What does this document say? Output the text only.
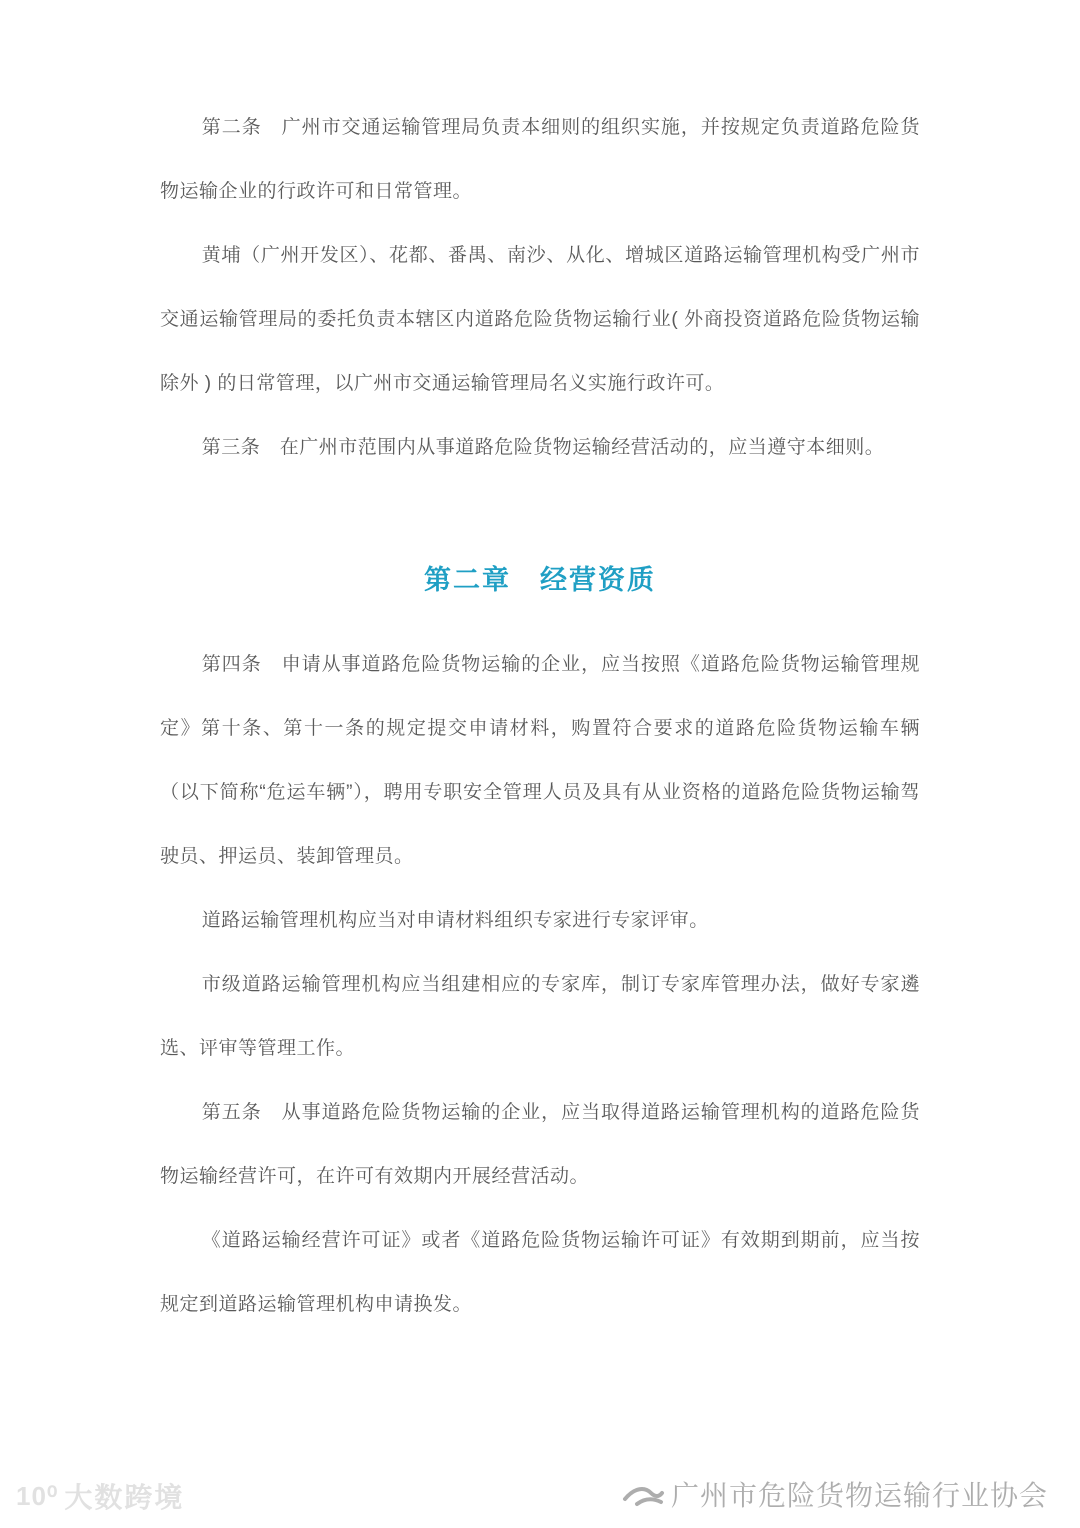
第二条　广州市交通运输管理局负责本细则的组织实施，并按规定负责道路危险货物运输企业的行政许可和日常管理。

黄埔（广州开发区）、花都、番禺、南沙、从化、增城区道路运输管理机构受广州市交通运输管理局的委托负责本辖区内道路危险货物运输行业( 外商投资道路危险货物运输除外 ) 的日常管理，以广州市交通运输管理局名义实施行政许可。

第三条　在广州市范围内从事道路危险货物运输经营活动的，应当遵守本细则。

第二章　经营资质

第四条　申请从事道路危险货物运输的企业，应当按照《道路危险货物运输管理规定》第十条、第十一条的规定提交申请材料，购置符合要求的道路危险货物运输车辆（以下简称“危运车辆”），聘用专职安全管理人员及具有从业资格的道路危险货物运输驾驶员、押运员、装卸管理员。

道路运输管理机构应当对申请材料组织专家进行专家评审。

市级道路运输管理机构应当组建相应的专家库，制订专家库管理办法，做好专家遴选、评审等管理工作。

第五条　从事道路危险货物运输的企业，应当取得道路运输管理机构的道路危险货物运输经营许可，在许可有效期内开展经营活动。

《道路运输经营许可证》或者《道路危险货物运输许可证》有效期到期前，应当按规定到道路运输管理机构申请换发。

10⁰ 大数跨境	广州市危险货物运输行业协会
